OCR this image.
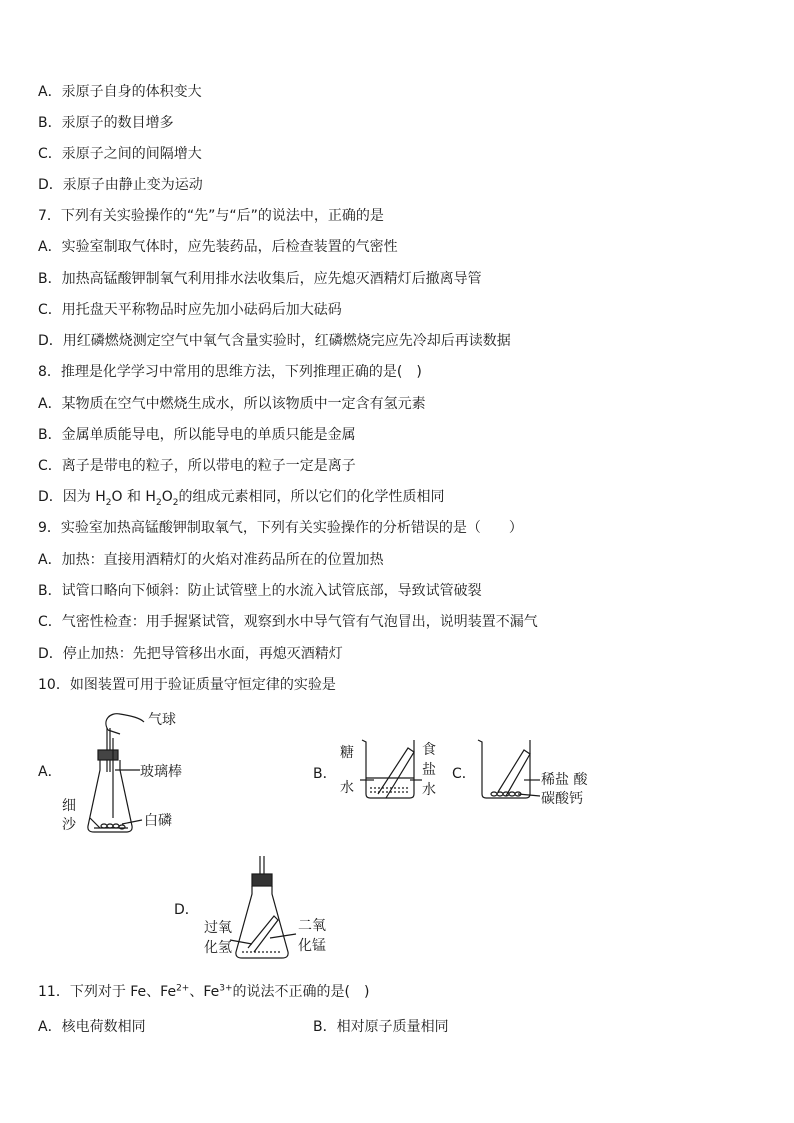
A．汞原子自身的体积变大
B．汞原子的数目增多
C．汞原子之间的间隔增大
D．汞原子由静止变为运动
7．下列有关实验操作的“先”与“后”的说法中，正确的是
A．实验室制取气体时，应先装药品，后检查装置的气密性
B．加热高锰酸钾制氧气利用排水法收集后，应先熄灭酒精灯后撤离导管
C．用托盘天平称物品时应先加小砝码后加大砝码
D．用红磷燃烧测定空气中氧气含量实验时，红磷燃烧完应先冷却后再读数据
8．推理是化学学习中常用的思维方法，下列推理正确的是(　)
A．某物质在空气中燃烧生成水，所以该物质中一定含有氢元素
B．金属单质能导电，所以能导电的单质只能是金属
C．离子是带电的粒子，所以带电的粒子一定是离子
D．因为 $H_2O$ 和 $H_2O_2$的组成元素相同，所以它们的化学性质相同
9．实验室加热高锰酸钾制取氧气，下列有关实验操作的分析错误的是（　　）
A．加热：直接用酒精灯的火焰对准药品所在的位置加热
B．试管口略向下倾斜：防止试管壁上的水流入试管底部，导致试管破裂
C．气密性检查：用手握紧试管，观察到水中导气管有气泡冒出，说明装置不漏气
D．停止加热：先把导管移出水面，再熄灭酒精灯
10．如图装置可用于验证质量守恒定律的实验是
A．
气球
玻璃棒
细
沙	白磷
B．
糖
水
食
盐
水
C．	稀盐 酸
碳酸钙
D．
过氧
化氢
二氧
化锰
11．下列对于 Fe、$Fe^{2+}$、$Fe^{3+}$的说法不正确的是(　)
A．核电荷数相同	B．相对原子质量相同
